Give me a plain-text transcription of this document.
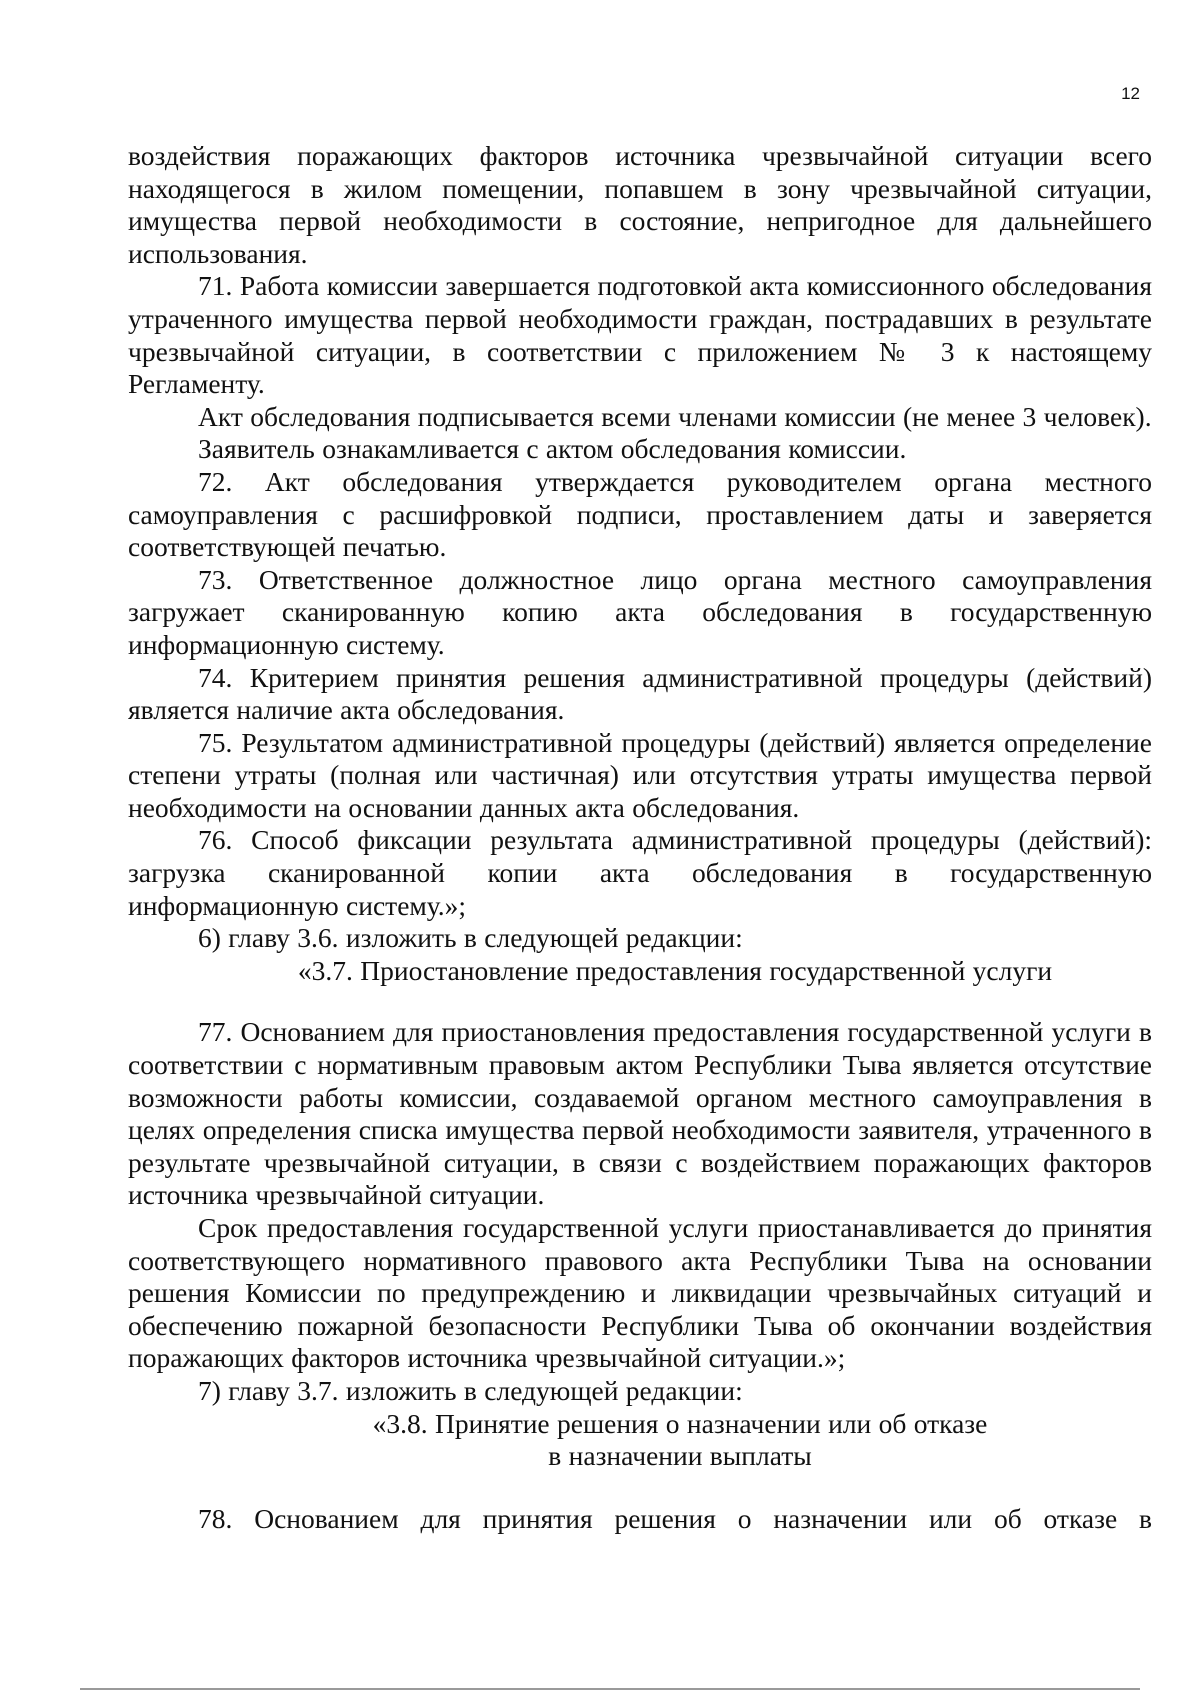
12

воздействия поражающих факторов источника чрезвычайной ситуации всего находящегося в жилом помещении, попавшем в зону чрезвычайной ситуации, имущества первой необходимости в состояние, непригодное для дальнейшего использования.

71. Работа комиссии завершается подготовкой акта комиссионного обследования утраченного имущества первой необходимости граждан, пострадавших в результате чрезвычайной ситуации, в соответствии с приложением № 3 к настоящему Регламенту.

Акт обследования подписывается всеми членами комиссии (не менее 3 человек).

Заявитель ознакамливается с актом обследования комиссии.

72. Акт обследования утверждается руководителем органа местного самоуправления с расшифровкой подписи, проставлением даты и заверяется соответствующей печатью.

73. Ответственное должностное лицо органа местного самоуправления загружает сканированную копию акта обследования в государственную информационную систему.

74. Критерием принятия решения административной процедуры (действий) является наличие акта обследования.

75. Результатом административной процедуры (действий) является определение степени утраты (полная или частичная) или отсутствия утраты имущества первой необходимости на основании данных акта обследования.

76. Способ фиксации результата административной процедуры (действий): загрузка сканированной копии акта обследования в государственную информационную систему.»;

6) главу 3.6. изложить в следующей редакции:

«3.7. Приостановление предоставления государственной услуги

77. Основанием для приостановления предоставления государственной услуги в соответствии с нормативным правовым актом Республики Тыва является отсутствие возможности работы комиссии, создаваемой органом местного самоуправления в целях определения списка имущества первой необходимости заявителя, утраченного в результате чрезвычайной ситуации, в связи с воздействием поражающих факторов источника чрезвычайной ситуации.

Срок предоставления государственной услуги приостанавливается до принятия соответствующего нормативного правового акта Республики Тыва на основании решения Комиссии по предупреждению и ликвидации чрезвычайных ситуаций и обеспечению пожарной безопасности Республики Тыва об окончании воздействия поражающих факторов источника чрезвычайной ситуации.»;

7) главу 3.7. изложить в следующей редакции:

«3.8. Принятие решения о назначении или об отказе

в назначении выплаты

78. Основанием для принятия решения о назначении или об отказе в
